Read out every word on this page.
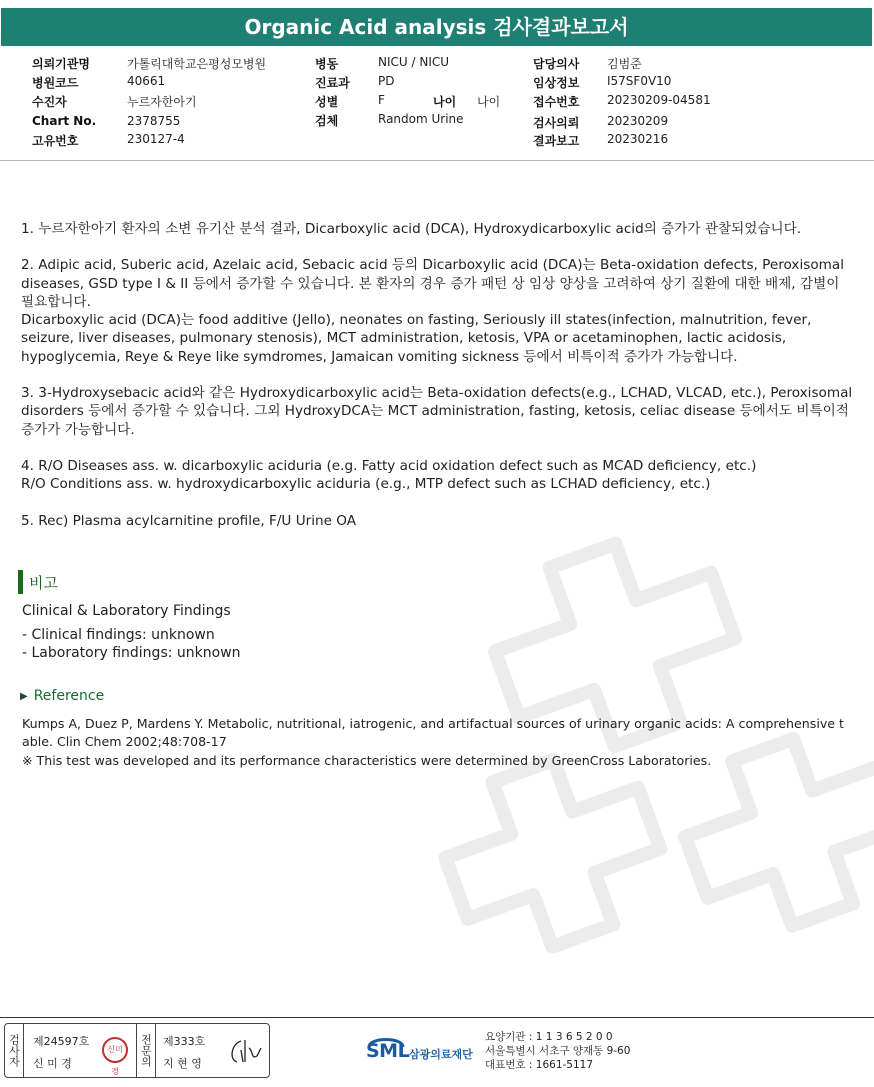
Organic Acid analysis 검사결과보고서
의뢰기관명	가톨릭대학교은평성모병원
병원코드	40661
수진자	누르자한아기
Chart No.	2378755
고유번호	230127-4
병동	NICU / NICU
진료과 PD
성별	F	나이 나이
검체	Random Urine
담당의사 김범준
임상정보 I57SF0V10
접수번호 20230209-04581
검사의뢰 20230209
결과보고 20230216

1. 누르자한아기 환자의 소변 유기산 분석 결과, Dicarboxylic acid (DCA), Hydroxydicarboxylic acid의 증가가 관찰되었습니다.

2. Adipic acid, Suberic acid, Azelaic acid, Sebacic acid 등의 Dicarboxylic acid (DCA)는 Beta-oxidation defects, Peroxisomal diseases, GSD type I & II 등에서 증가할 수 있습니다. 본 환자의 경우 증가 패턴 상 임상 양상을 고려하여 상기 질환에 대한 배제, 감별이 필요합니다.

Dicarboxylic acid (DCA)는 food additive (Jello), neonates on fasting, Seriously ill states(infection, malnutrition, fever, seizure, liver diseases, pulmonary stenosis), MCT administration, ketosis, VPA or acetaminophen, lactic acidosis, hypoglycemia, Reye & Reye like symdromes, Jamaican vomiting sickness 등에서 비특이적 증가가 가능합니다.

3. 3-Hydroxysebacic acid와 같은 Hydroxydicarboxylic acid는 Beta-oxidation defects(e.g., LCHAD, VLCAD, etc.), Peroxisomal disorders 등에서 증가할 수 있습니다. 그외 HydroxyDCA는 MCT administration, fasting, ketosis, celiac disease 등에서도 비특이적 증가가 가능합니다.

4. R/O Diseases ass. w. dicarboxylic aciduria (e.g. Fatty acid oxidation defect such as MCAD deficiency, etc.)

R/O Conditions ass. w. hydroxydicarboxylic aciduria (e.g., MTP defect such as LCHAD deficiency, etc.)

5. Rec) Plasma acylcarnitine profile, F/U Urine OA

비고

Clinical & Laboratory Findings

- Clinical findings: unknown

- Laboratory findings: unknown

▶ Reference
Kumps A, Duez P, Mardens Y. Metabolic, nutritional, iatrogenic, and artifactual sources of urinary organic acids: A comprehensive table. Clin Chem 2002;48:708-17
※ This test was developed and its performance characteristics were determined by GreenCross Laboratories.
검사자 제24597호
신 미 경
신미경
전문의 제333호
지 현 영
SML 삼광의료재단
요양기관 : 1 1 3 6 5 2 0 0
서울특별시 서초구 양재동 9-60
대표번호 : 1661-5117
